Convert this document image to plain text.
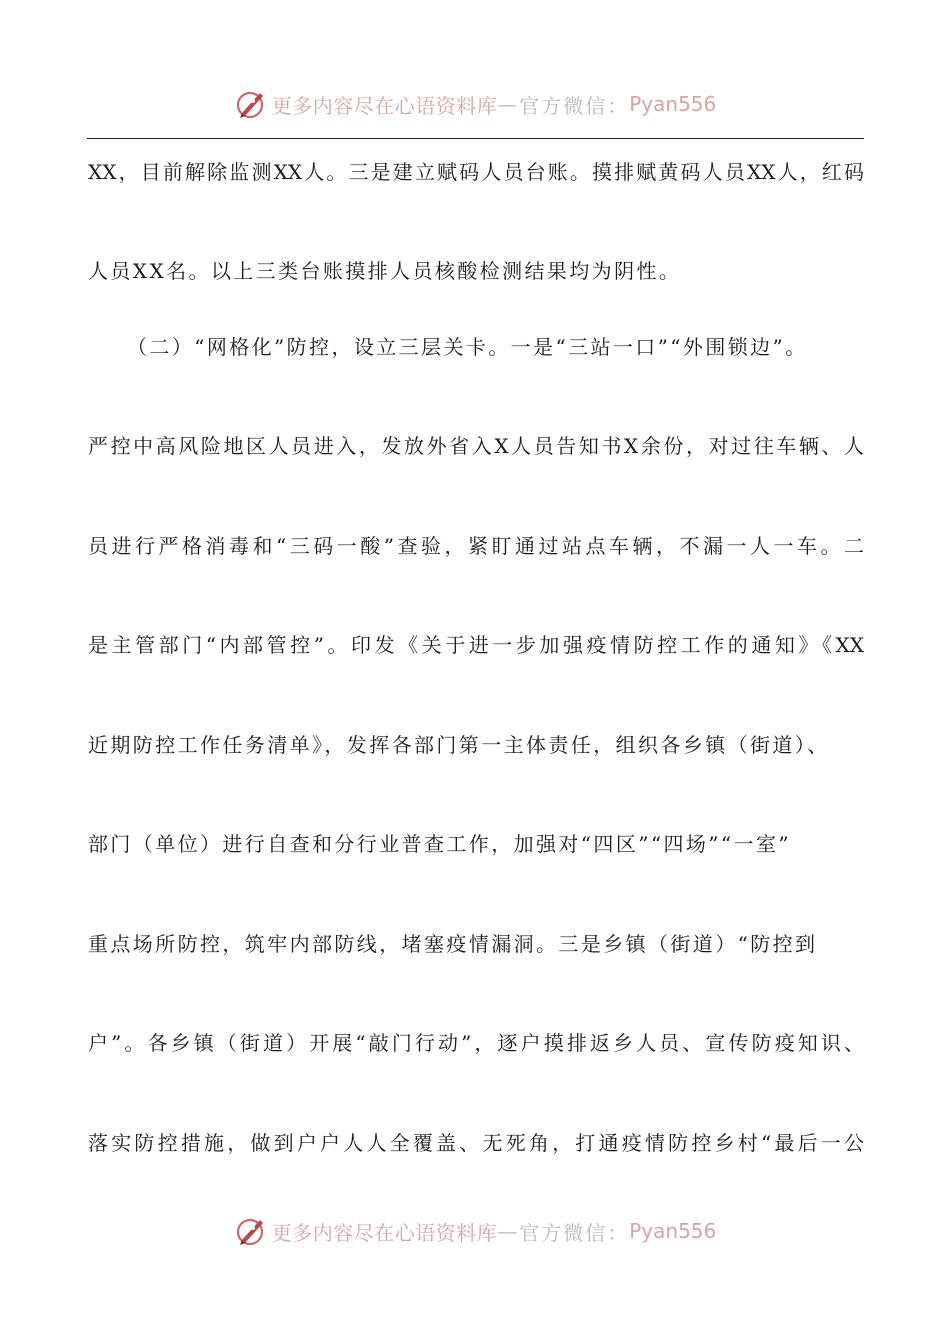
更多内容尽在心语资料库 — 官方微信： Pyan556
XX，目前解除监测XX人。三是建立赋码人员台账。摸排赋黄码人员XX人，红码
人员XX名。以上三类台账摸排人员核酸检测结果均为阴性。
（二）“网格化”防控，设立三层关卡。一是“三站一口”“外围锁边”。
严控中高风险地区人员进入，发放外省入X人员告知书X余份，对过往车辆、人
员进行严格消毒和“三码一酸”查验，紧盯通过站点车辆，不漏一人一车。二
是主管部门“内部管控”。印发《关于进一步加强疫情防控工作的通知》《XX
近期防控工作任务清单》，发挥各部门第一主体责任，组织各乡镇（街道）、
部门（单位）进行自查和分行业普查工作，加强对“四区”“四场”“一室”
重点场所防控，筑牢内部防线，堵塞疫情漏洞。三是乡镇（街道）“防控到
户”。各乡镇（街道）开展“敲门行动”，逐户摸排返乡人员、宣传防疫知识、
落实防控措施，做到户户人人全覆盖、无死角，打通疫情防控乡村“最后一公
更多内容尽在心语资料库 — 官方微信： Pyan556
